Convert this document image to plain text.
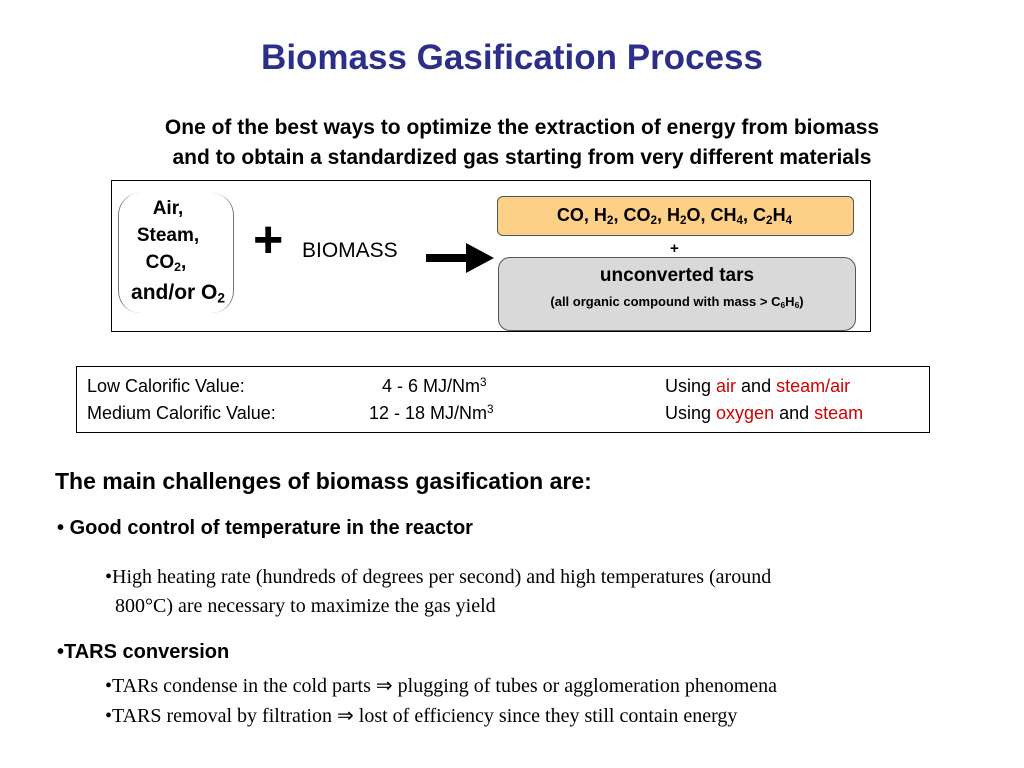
Biomass Gasification Process
One of the best ways to optimize the extraction of energy from biomass
and to obtain a standardized gas starting from very different materials
Air,
Steam,
$CO_2$,
and/or $O_2$
+ BIOMASS
CO, $H_2$, $CO_2$, $H_2O$, $CH_4$, $C_2H_4$
+
unconverted tars
(all organic compound with mass > $C_6H_6$)
Low Calorific Value:	4 - 6 MJ/Nm$^3$	Using air and steam/air
Medium Calorific Value:	12 - 18 MJ/Nm$^3$	Using oxygen and steam
The main challenges of biomass gasification are:
• Good control of temperature in the reactor
•High heating rate (hundreds of degrees per second) and high temperatures (around
800°C) are necessary to maximize the gas yield
•TARS conversion
•TARs condense in the cold parts ⇒ plugging of tubes or agglomeration phenomena
•TARS removal by filtration ⇒ lost of efficiency since they still contain energy
